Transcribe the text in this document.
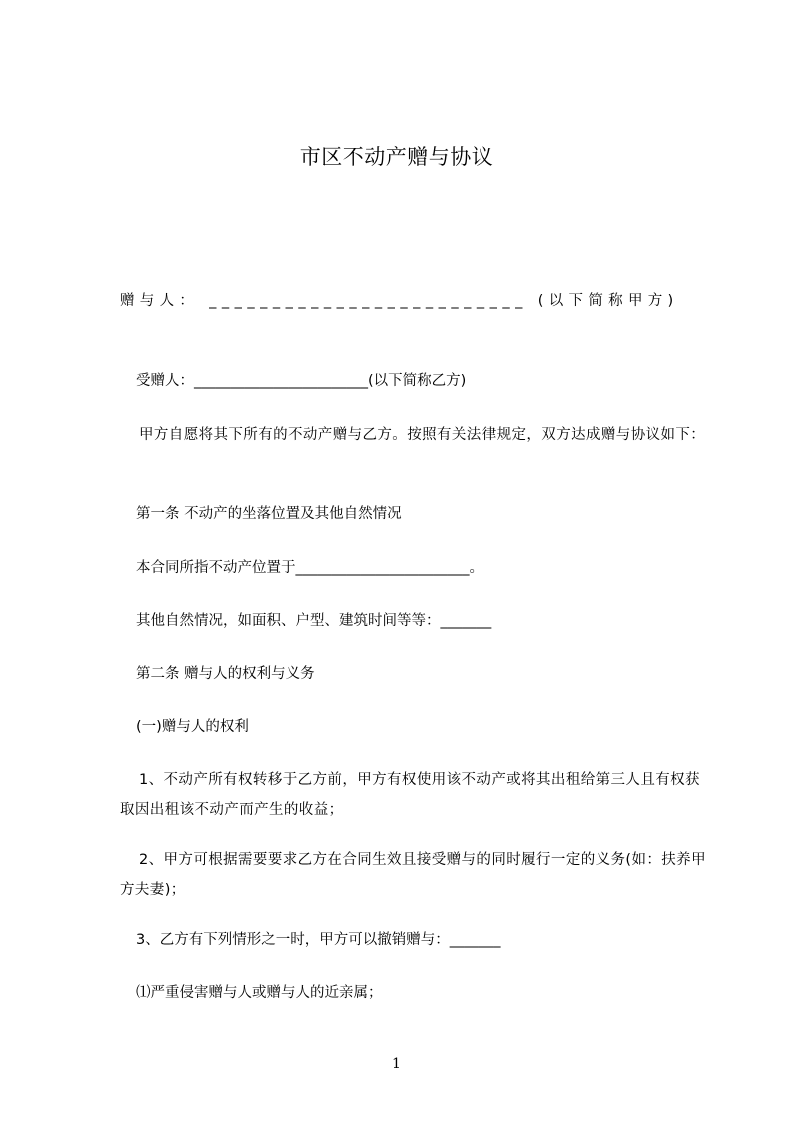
市区不动产赠与协议
赠与人： _________________________ (以下简称甲方)
受赠人：________________________(以下简称乙方)
甲方自愿将其下所有的不动产赠与乙方。按照有关法律规定，双方达成赠与协议如下：
第一条 不动产的坐落位置及其他自然情况
本合同所指不动产位置于________________________。
其他自然情况，如面积、户型、建筑时间等等：_______
第二条 赠与人的权利与义务
(一)赠与人的权利
1、不动产所有权转移于乙方前，甲方有权使用该不动产或将其出租给第三人且有权获取因出租该不动产而产生的收益；
2、甲方可根据需要要求乙方在合同生效且接受赠与的同时履行一定的义务(如：扶养甲方夫妻)；
3、乙方有下列情形之一时，甲方可以撤销赠与：_______
⑴严重侵害赠与人或赠与人的近亲属；
1
